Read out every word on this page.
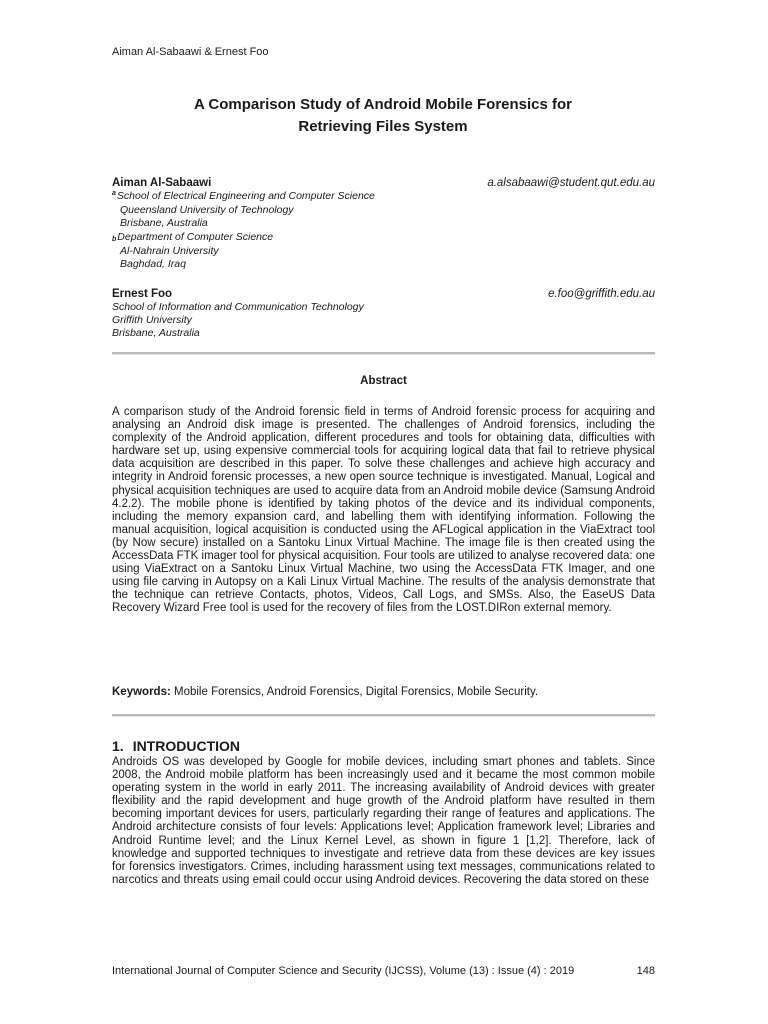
Aiman Al-Sabaawi & Ernest Foo
A Comparison Study of Android Mobile Forensics for
Retrieving Files System
Aiman Al-Sabaawi	a.alsabaawi@student.qut.edu.au
$^a$School of Electrical Engineering and Computer Science
Queensland University of Technology
Brisbane, Australia
bDepartment of Computer Science
Al-Nahrain University
Baghdad, Iraq
Ernest Foo	e.foo@griffith.edu.au
School of Information and Communication Technology
Griffith University
Brisbane, Australia
Abstract

A comparison study of the Android forensic field in terms of Android forensic process for acquiring and analysing an Android disk image is presented. The challenges of Android forensics, including the complexity of the Android application, different procedures and tools for obtaining data, difficulties with hardware set up, using expensive commercial tools for acquiring logical data that fail to retrieve physical data acquisition are described in this paper. To solve these challenges and achieve high accuracy and integrity in Android forensic processes, a new open source technique is investigated. Manual, Logical and physical acquisition techniques are used to acquire data from an Android mobile device (Samsung Android 4.2.2). The mobile phone is identified by taking photos of the device and its individual components, including the memory expansion card, and labelling them with identifying information. Following the manual acquisition, logical acquisition is conducted using the AFLogical application in the ViaExtract tool (by Now secure) installed on a Santoku Linux Virtual Machine. The image file is then created using the AccessData FTK imager tool for physical acquisition. Four tools are utilized to analyse recovered data: one using ViaExtract on a Santoku Linux Virtual Machine, two using the AccessData FTK Imager, and one using file carving in Autopsy on a Kali Linux Virtual Machine. The results of the analysis demonstrate that the technique can retrieve Contacts, photos, Videos, Call Logs, and SMSs. Also, the EaseUS Data Recovery Wizard Free tool is used for the recovery of files from the LOST.DIRon external memory.

Keywords: Mobile Forensics, Android Forensics, Digital Forensics, Mobile Security.
1. INTRODUCTION

Androids OS was developed by Google for mobile devices, including smart phones and tablets. Since 2008, the Android mobile platform has been increasingly used and it became the most common mobile operating system in the world in early 2011. The increasing availability of Android devices with greater flexibility and the rapid development and huge growth of the Android platform have resulted in them becoming important devices for users, particularly regarding their range of features and applications. The Android architecture consists of four levels: Applications level; Application framework level; Libraries and Android Runtime level; and the Linux Kernel Level, as shown in figure 1 [1,2]. Therefore, lack of knowledge and supported techniques to investigate and retrieve data from these devices are key issues for forensics investigators. Crimes, including harassment using text messages, communications related to narcotics and threats using email could occur using Android devices. Recovering the data stored on these

International Journal of Computer Science and Security (IJCSS), Volume (13) : Issue (4) : 2019	148
